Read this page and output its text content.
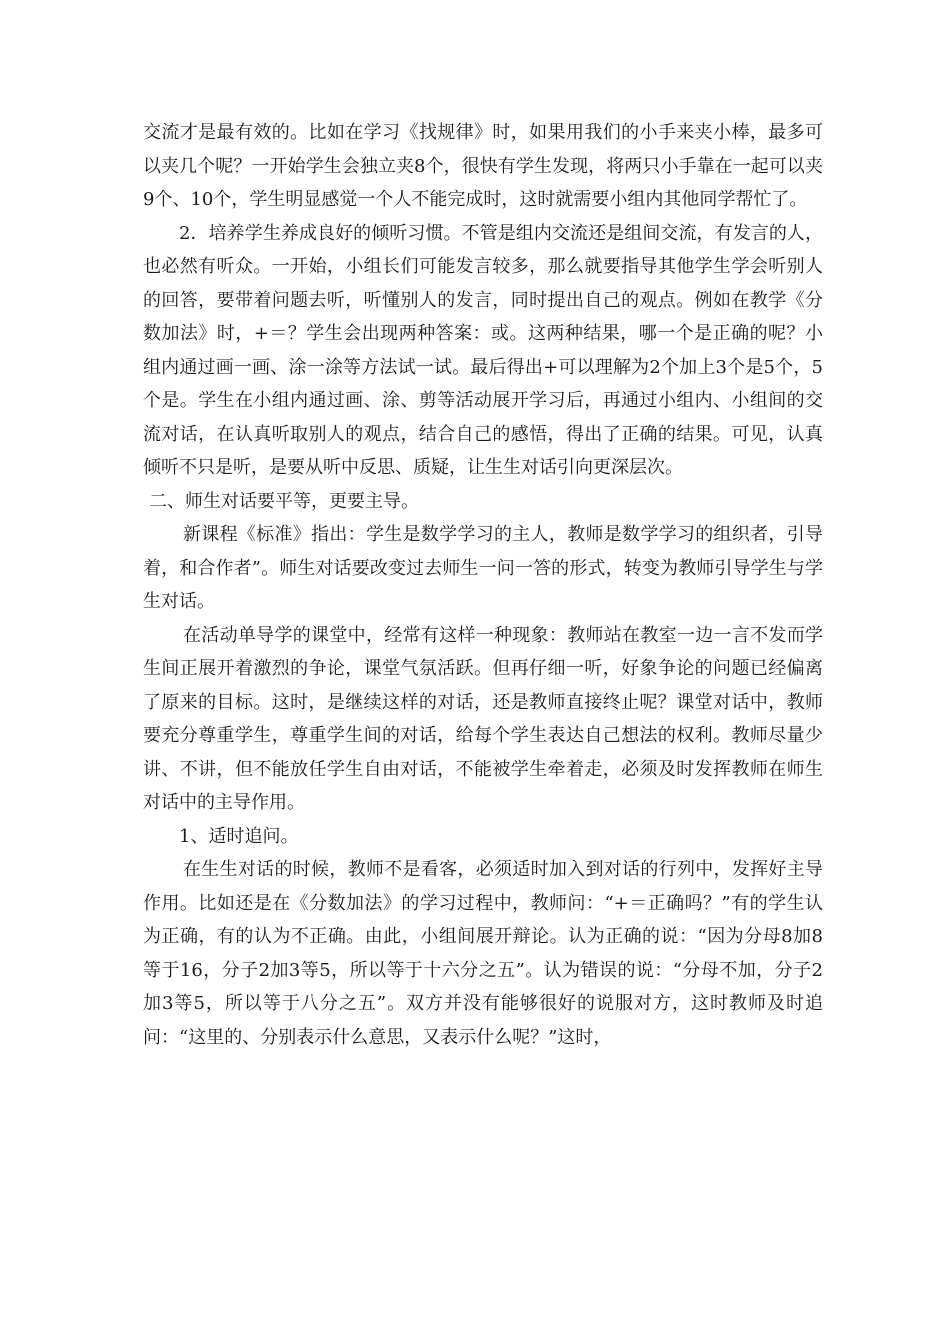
交流才是最有效的。比如在学习《找规律》时，如果用我们的小手来夹小棒，最多可以夹几个呢？一开始学生会独立夹8个，很快有学生发现，将两只小手靠在一起可以夹9个、10个，学生明显感觉一个人不能完成时，这时就需要小组内其他同学帮忙了。

2．培养学生养成良好的倾听习惯。不管是组内交流还是组间交流，有发言的人，也必然有听众。一开始，小组长们可能发言较多，那么就要指导其他学生学会听别人的回答，要带着问题去听，听懂别人的发言，同时提出自己的观点。例如在教学《分数加法》时，+＝？学生会出现两种答案：或。这两种结果，哪一个是正确的呢？小组内通过画一画、涂一涂等方法试一试。最后得出+可以理解为2个加上3个是5个，5个是。学生在小组内通过画、涂、剪等活动展开学习后，再通过小组内、小组间的交流对话，在认真听取别人的观点，结合自己的感悟，得出了正确的结果。可见，认真倾听不只是听，是要从听中反思、质疑，让生生对话引向更深层次。

二、师生对话要平等，更要主导。

新课程《标准》指出：学生是数学学习的主人，教师是数学学习的组织者，引导着，和合作者”。师生对话要改变过去师生一问一答的形式，转变为教师引导学生与学生对话。

在活动单导学的课堂中，经常有这样一种现象：教师站在教室一边一言不发而学生间正展开着激烈的争论，课堂气氛活跃。但再仔细一听，好象争论的问题已经偏离了原来的目标。这时，是继续这样的对话，还是教师直接终止呢？课堂对话中，教师要充分尊重学生，尊重学生间的对话，给每个学生表达自己想法的权利。教师尽量少讲、不讲，但不能放任学生自由对话，不能被学生牵着走，必须及时发挥教师在师生对话中的主导作用。

1、适时追问。

在生生对话的时候，教师不是看客，必须适时加入到对话的行列中，发挥好主导作用。比如还是在《分数加法》的学习过程中，教师问：“+＝正确吗？”有的学生认为正确，有的认为不正确。由此，小组间展开辩论。认为正确的说：“因为分母8加8等于16，分子2加3等5，所以等于十六分之五”。认为错误的说：“分母不加，分子2加3等5，所以等于八分之五”。双方并没有能够很好的说服对方，这时教师及时追问：“这里的、分别表示什么意思，又表示什么呢？”这时，
